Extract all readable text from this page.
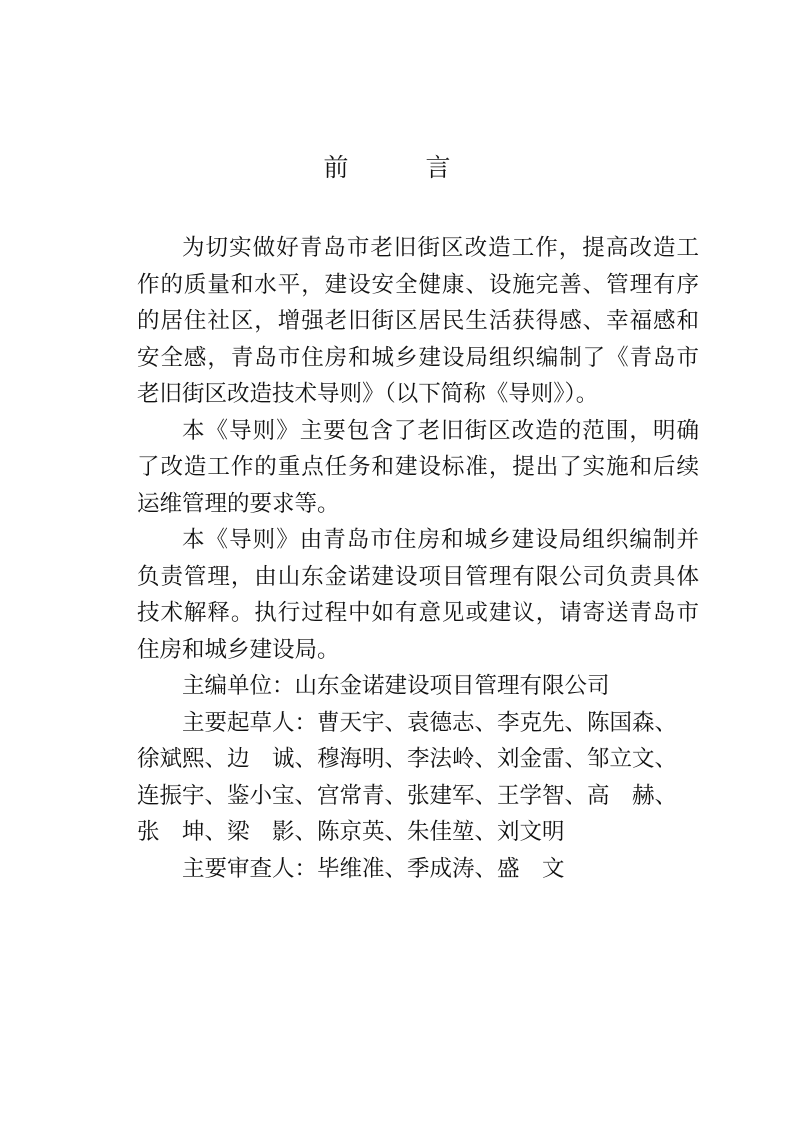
前　言

为切实做好青岛市老旧街区改造工作，提高改造工作的质量和水平，建设安全健康、设施完善、管理有序的居住社区，增强老旧街区居民生活获得感、幸福感和安全感，青岛市住房和城乡建设局组织编制了《青岛市老旧街区改造技术导则》（以下简称《导则》）。

本《导则》主要包含了老旧街区改造的范围，明确了改造工作的重点任务和建设标准，提出了实施和后续运维管理的要求等。

本《导则》由青岛市住房和城乡建设局组织编制并负责管理，由山东金诺建设项目管理有限公司负责具体技术解释。执行过程中如有意见或建议，请寄送青岛市住房和城乡建设局。

主编单位：山东金诺建设项目管理有限公司

主要起草人：曹天宇、袁德志、李克先、陈国森、

徐斌熙、边　诚、穆海明、李法岭、刘金雷、邹立文、

连振宇、鉴小宝、宫常青、张建军、王学智、高　赫、

张　坤、梁　影、陈京英、朱佳堃、刘文明

主要审查人：毕维准、季成涛、盛　文
